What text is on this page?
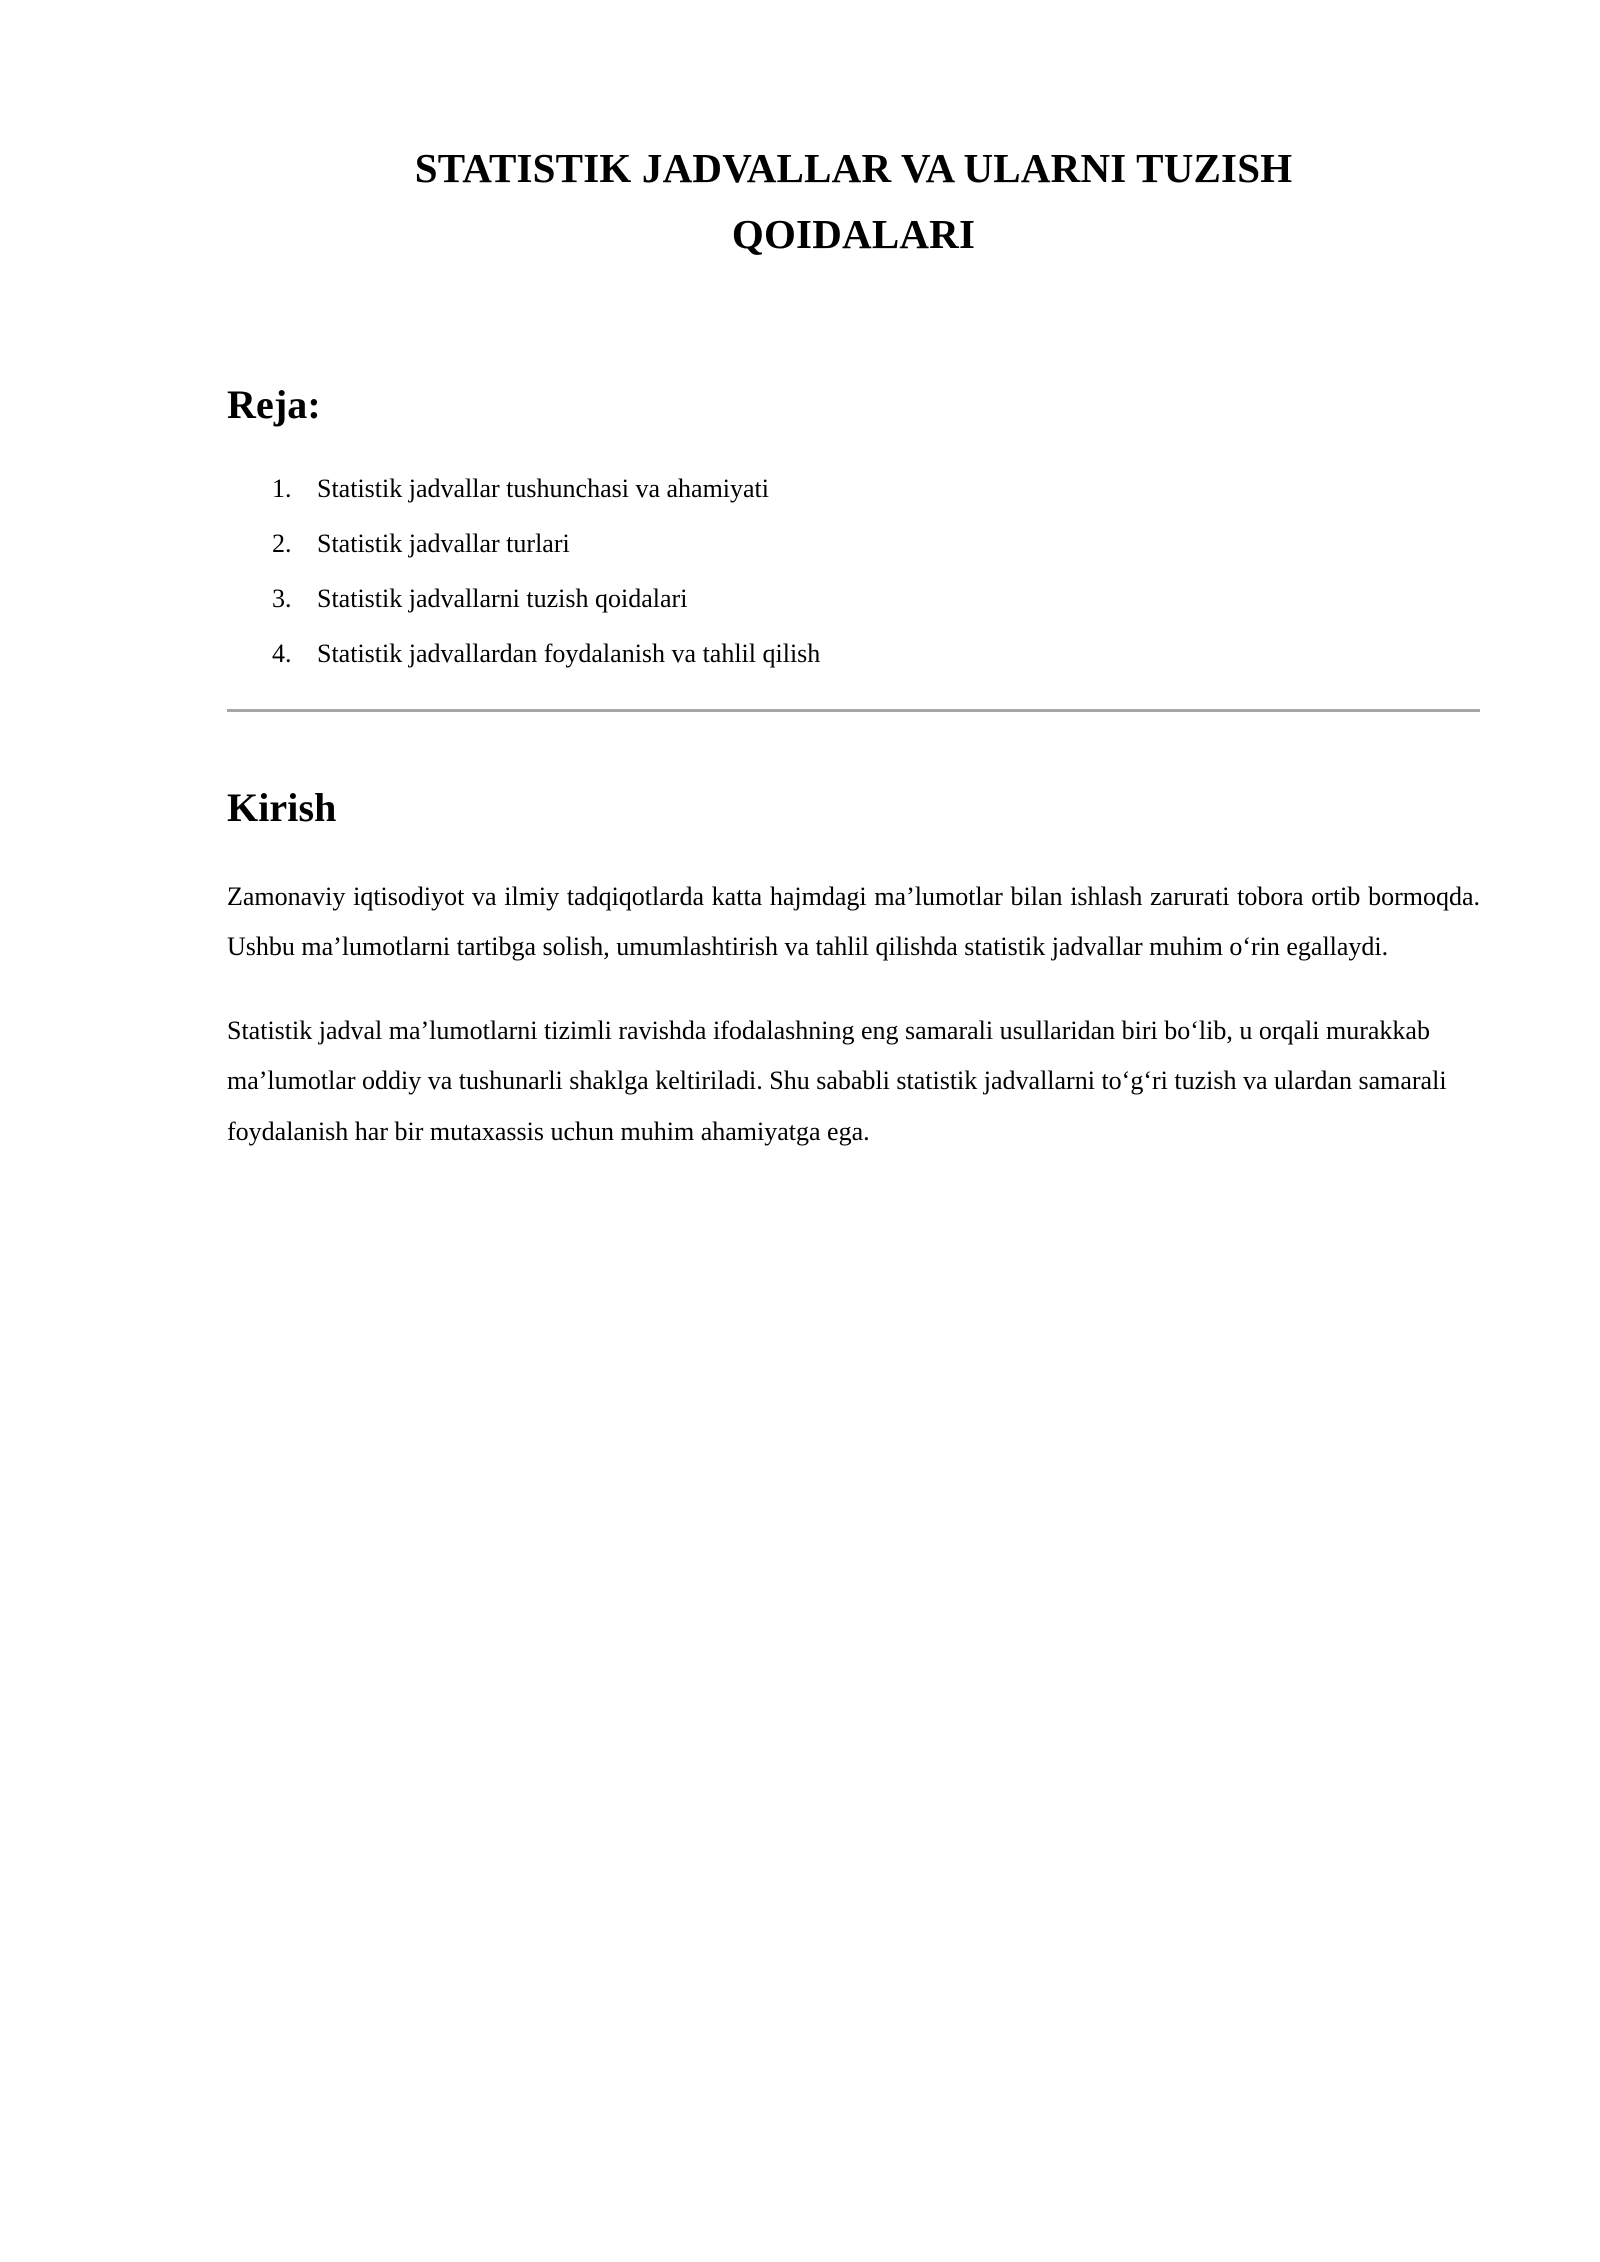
STATISTIK JADVALLAR VA ULARNI TUZISH
QOIDALARI
Reja:
Statistik jadvallar tushunchasi va ahamiyati
Statistik jadvallar turlari
Statistik jadvallarni tuzish qoidalari
Statistik jadvallardan foydalanish va tahlil qilish
Kirish

Zamonaviy iqtisodiyot va ilmiy tadqiqotlarda katta hajmdagi ma’lumotlar bilan ishlash zarurati tobora ortib bormoqda. Ushbu ma’lumotlarni tartibga solish, umumlashtirish va tahlil qilishda statistik jadvallar muhim o‘rin egallaydi.

Statistik jadval ma’lumotlarni tizimli ravishda ifodalashning eng samarali usullaridan biri bo‘lib, u orqali murakkab ma’lumotlar oddiy va tushunarli shaklga keltiriladi. Shu sababli statistik jadvallarni to‘g‘ri tuzish va ulardan samarali foydalanish har bir mutaxassis uchun muhim ahamiyatga ega.
